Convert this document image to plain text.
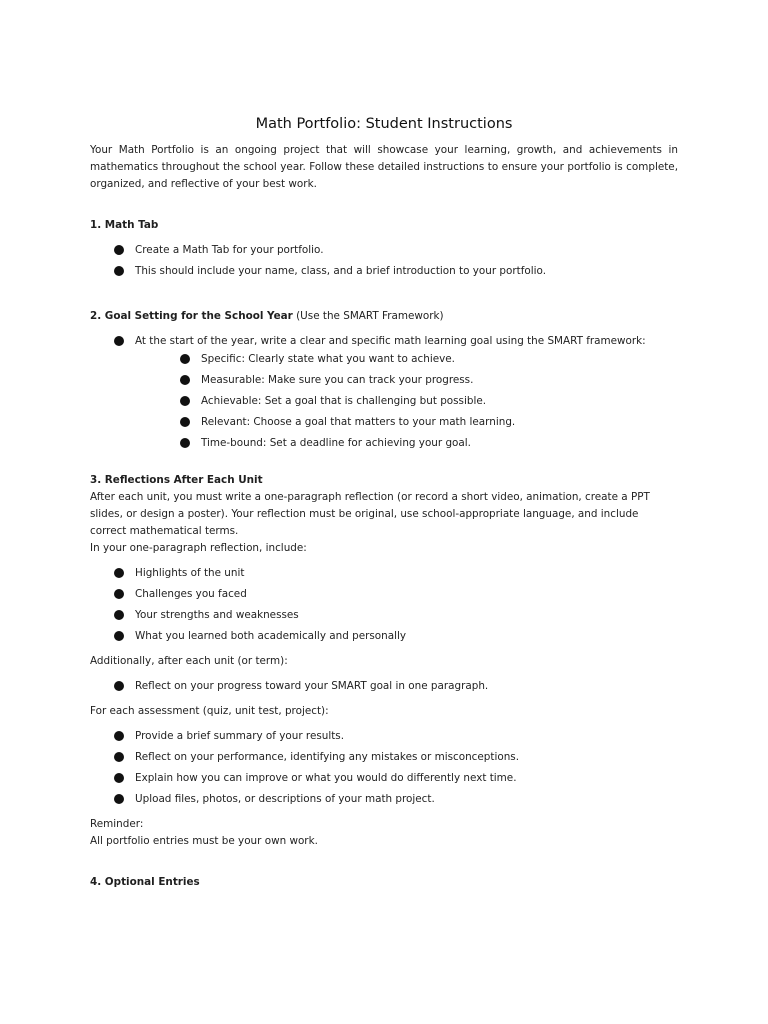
Math Portfolio: Student Instructions

Your Math Portfolio is an ongoing project that will showcase your learning, growth, and achievements in mathematics throughout the school year. Follow these detailed instructions to ensure your portfolio is complete, organized, and reflective of your best work.

1. Math Tab

Create a Math Tab for your portfolio.
This should include your name, class, and a brief introduction to your portfolio.

2. Goal Setting for the School Year (Use the SMART Framework)

At the start of the year, write a clear and specific math learning goal using the SMART framework:
Specific: Clearly state what you want to achieve.
Measurable: Make sure you can track your progress.
Achievable: Set a goal that is challenging but possible.
Relevant: Choose a goal that matters to your math learning.
Time-bound: Set a deadline for achieving your goal.

3. Reflections After Each Unit

After each unit, you must write a one-paragraph reflection (or record a short video, animation, create a PPT slides, or design a poster). Your reflection must be original, use school-appropriate language, and include correct mathematical terms.

In your one-paragraph reflection, include:

Highlights of the unit
Challenges you faced
Your strengths and weaknesses
What you learned both academically and personally

Additionally, after each unit (or term):

Reflect on your progress toward your SMART goal in one paragraph.

For each assessment (quiz, unit test, project):

Provide a brief summary of your results.
Reflect on your performance, identifying any mistakes or misconceptions.
Explain how you can improve or what you would do differently next time.
Upload files, photos, or descriptions of your math project.

Reminder:

All portfolio entries must be your own work.

4. Optional Entries
